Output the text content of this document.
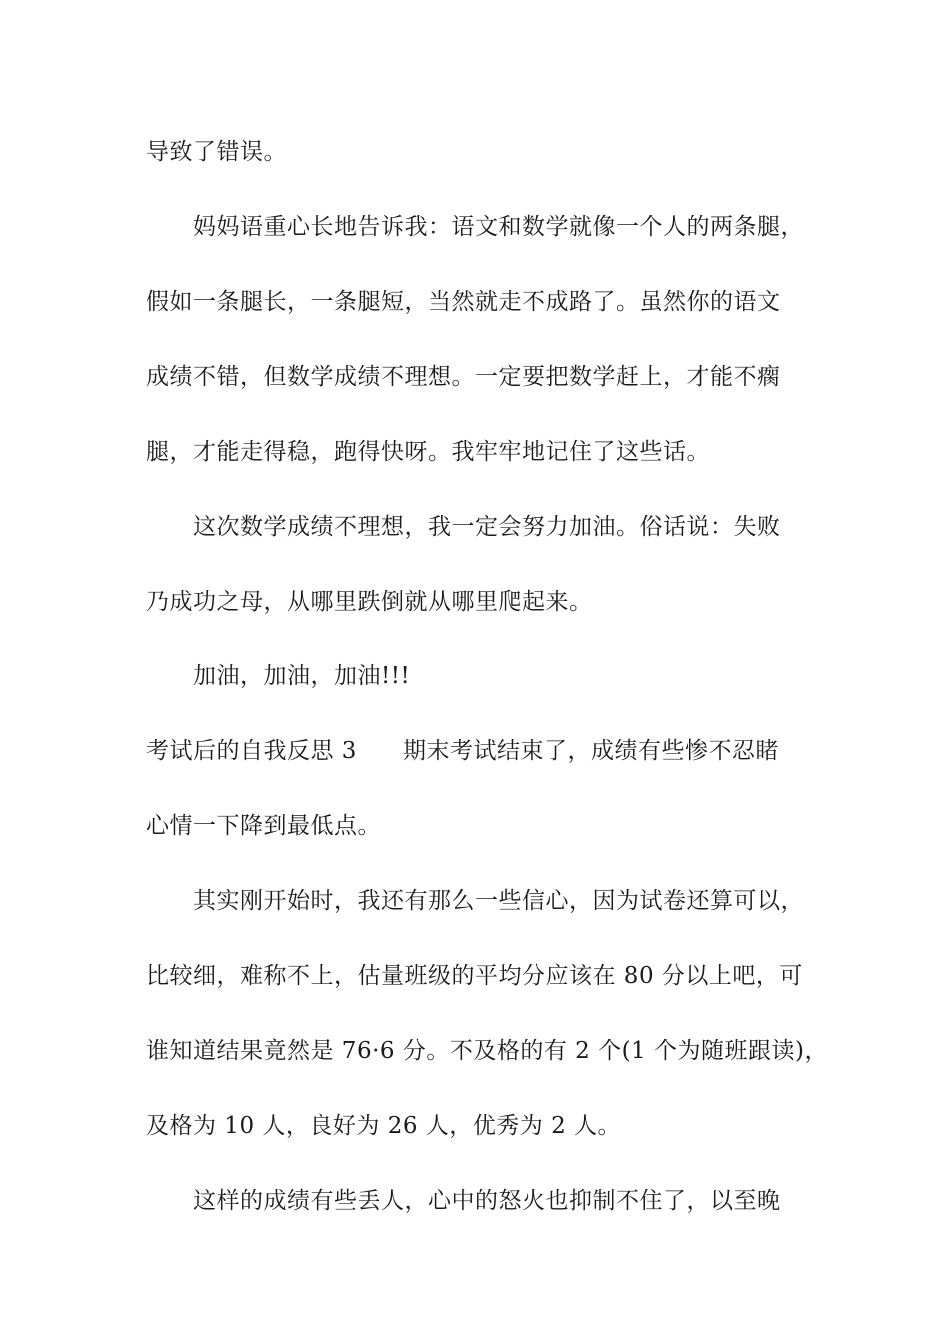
导致了错误。
妈妈语重心长地告诉我：语文和数学就像一个人的两条腿，
假如一条腿长，一条腿短，当然就走不成路了。虽然你的语文
成绩不错，但数学成绩不理想。一定要把数学赶上，才能不瘸
腿，才能走得稳，跑得快呀。我牢牢地记住了这些话。
这次数学成绩不理想，我一定会努力加油。俗话说：失败
乃成功之母，从哪里跌倒就从哪里爬起来。
加油，加油，加油!!!
考试后的自我反思 3 期末考试结束了，成绩有些惨不忍睹
心情一下降到最低点。
其实刚开始时，我还有那么一些信心，因为试卷还算可以，
比较细，难称不上，估量班级的平均分应该在 80 分以上吧，可
谁知道结果竟然是 76·6 分。不及格的有 2 个(1 个为随班跟读)，
及格为 10 人，良好为 26 人，优秀为 2 人。
这样的成绩有些丢人，心中的怒火也抑制不住了，以至晚
